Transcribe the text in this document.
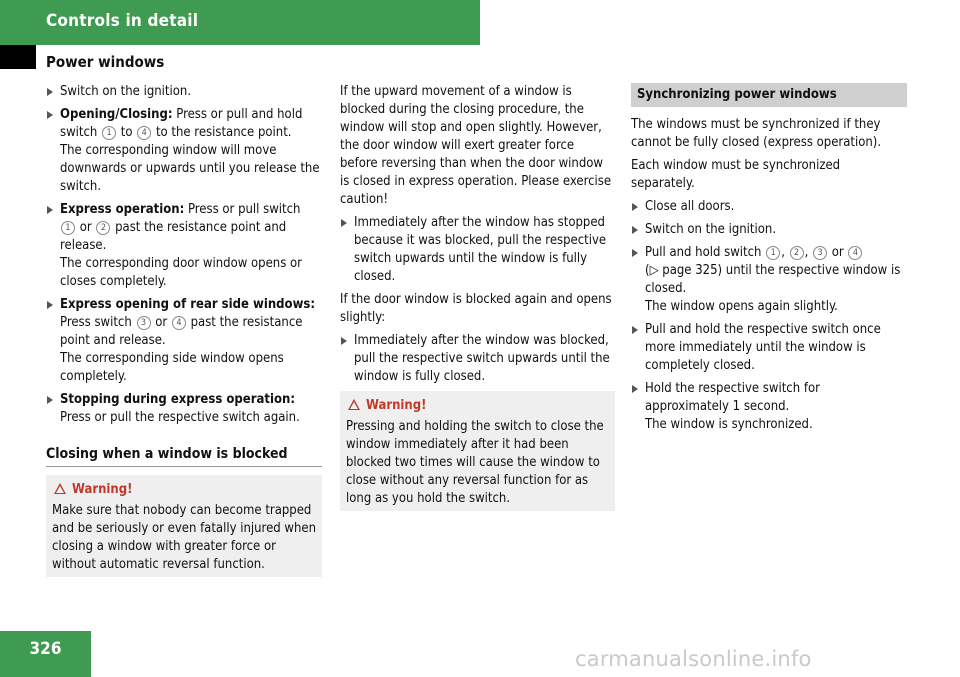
Controls in detail
Power windows
Switch on the ignition.
Opening/Closing: Press or pull and hold switch 1 to 4 to the resistance point.
The corresponding window will move downwards or upwards until you release the switch.
Express operation: Press or pull switch
1 or 2 past the resistance point and release.
The corresponding door window opens or closes completely.
Express opening of rear side windows:
Press switch 3 or 4 past the resistance point and release.
The corresponding side window opens completely.
Stopping during express operation:
Press or pull the respective switch again.
Closing when a window is blocked
Warning!
Make sure that nobody can become trapped and be seriously or even fatally injured when closing a window with greater force or without automatic reversal function.

If the upward movement of a window is blocked during the closing procedure, the window will stop and open slightly. However, the door window will exert greater force before reversing than when the door window is closed in express operation. Please exercise caution!

Immediately after the window has stopped because it was blocked, pull the respective switch upwards until the window is fully closed.

If the door window is blocked again and opens slightly:

Immediately after the window was blocked, pull the respective switch upwards until the window is fully closed.
Warning!
Pressing and holding the switch to close the window immediately after it had been blocked two times will cause the window to close without any reversal function for as long as you hold the switch.
Synchronizing power windows

The windows must be synchronized if they cannot be fully closed (express operation).

Each window must be synchronized separately.

Close all doors.
Switch on the ignition.
Pull and hold switch 1 , 2 , 3 or 4
(▷ page 325) until the respective window is closed.
The window opens again slightly.
Pull and hold the respective switch once more immediately until the window is completely closed.
Hold the respective switch for approximately 1 second.
The window is synchronized.
326	carmanualsonline.info
